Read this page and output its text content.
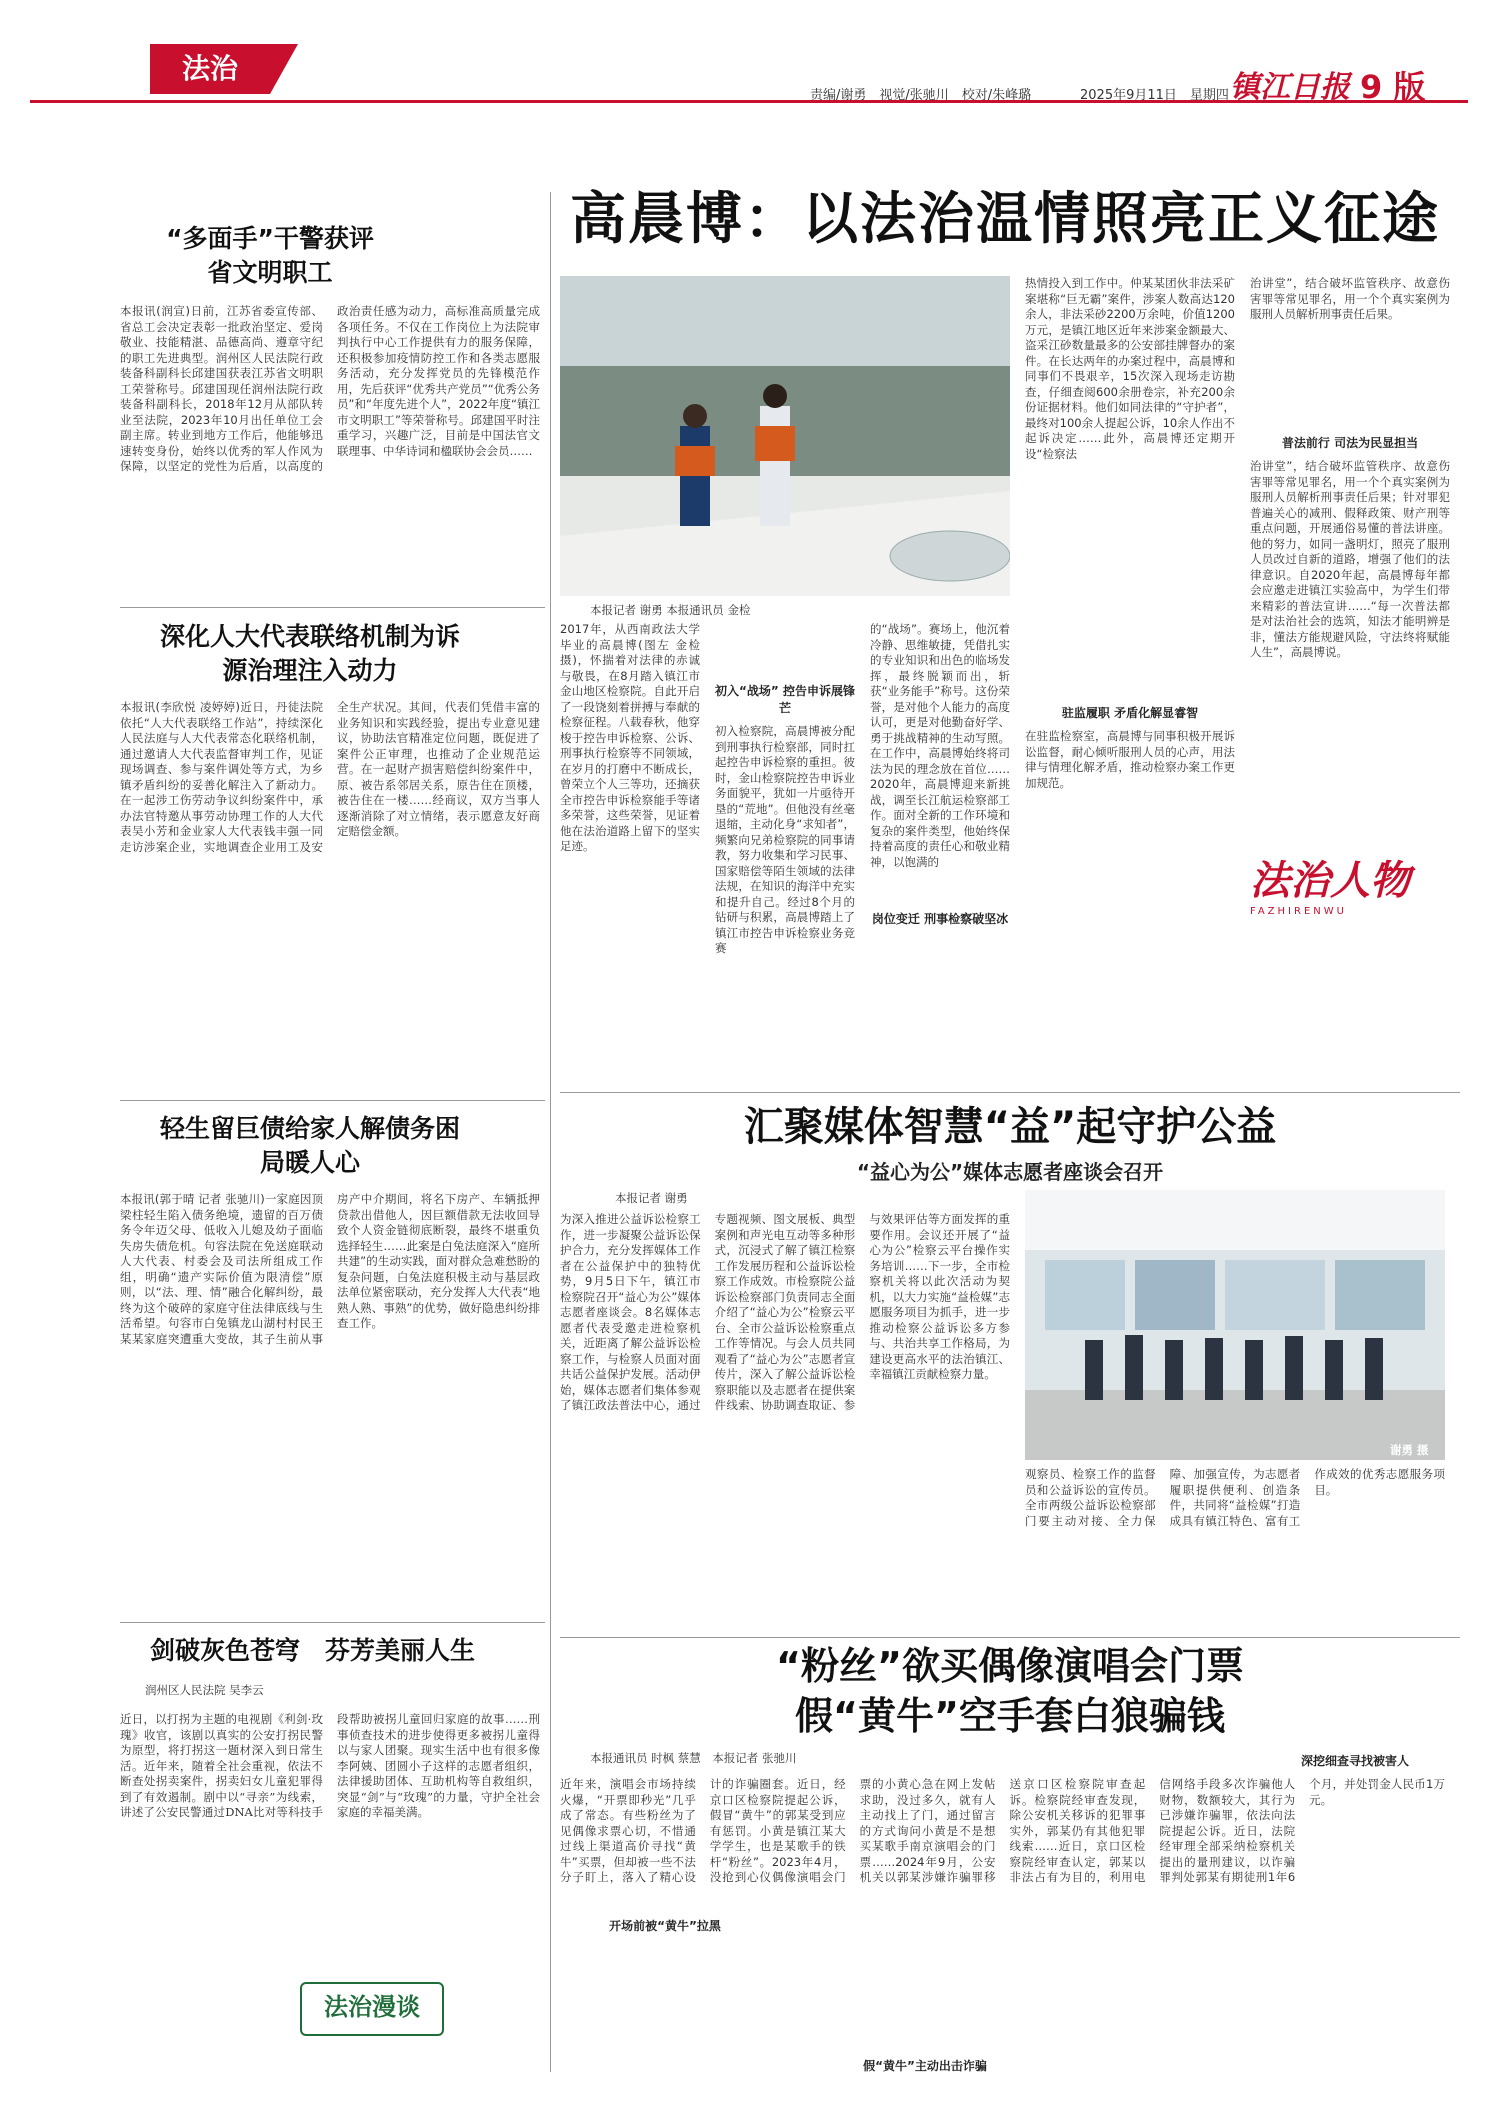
法治
责编/谢勇　视觉/张驰川　校对/朱峰璐	2025年9月11日　星期四 镇江日报 9 版
“多面手”干警获评省文明职工
本报讯(润宣)日前，江苏省委宣传部、省总工会决定表彰一批政治坚定、爱岗敬业、技能精湛、品德高尚、遵章守纪的职工先进典型。润州区人民法院行政装备科副科长邱建国获表江苏省文明职工荣誉称号。邱建国现任润州法院行政装备科副科长，2018年12月从部队转业至法院，2023年10月出任单位工会副主席。转业到地方工作后，他能够迅速转变身份，始终以优秀的军人作风为保障，以坚定的党性为后盾，以高度的政治责任感为动力，高标准高质量完成各项任务。不仅在工作岗位上为法院审判执行中心工作提供有力的服务保障，还积极参加疫情防控工作和各类志愿服务活动，充分发挥党员的先锋模范作用，先后获评“优秀共产党员”“优秀公务员”和“年度先进个人”，2022年度“镇江市文明职工”等荣誉称号。邱建国平时注重学习，兴趣广泛，目前是中国法官文联理事、中华诗词和楹联协会会员……
深化人大代表联络机制为诉源治理注入动力
本报讯(李欣悦 凌婷婷)近日，丹徒法院依托“人大代表联络工作站”，持续深化人民法庭与人大代表常态化联络机制，通过邀请人大代表监督审判工作，见证现场调查、参与案件调处等方式，为乡镇矛盾纠纷的妥善化解注入了新动力。在一起涉工伤劳动争议纠纷案件中，承办法官特邀从事劳动协理工作的人大代表吴小芳和金业家人大代表钱丰强一同走访涉案企业，实地调查企业用工及安全生产状况。其间，代表们凭借丰富的业务知识和实践经验，提出专业意见建议，协助法官精准定位问题，既促进了案件公正审理，也推动了企业规范运营。在一起财产损害赔偿纠纷案件中，原、被告系邻居关系，原告住在顶楼，被告住在一楼……经商议，双方当事人逐渐消除了对立情绪，表示愿意友好商定赔偿金额。
轻生留巨债给家人解债务困局暖人心
本报讯(郭于晴 记者 张驰川)一家庭因顶梁柱轻生陷入债务绝境，遗留的百万债务令年迈父母、低收入儿媳及幼子面临失房失债危机。句容法院在免送庭联动人大代表、村委会及司法所组成工作组，明确“遗产实际价值为限清偿”原则，以“法、理、情”融合化解纠纷，最终为这个破碎的家庭守住法律底线与生活希望。句容市白兔镇龙山湖村村民王某某家庭突遭重大变故，其子生前从事房产中介期间，将名下房产、车辆抵押贷款出借他人，因巨额借款无法收回导致个人资金链彻底断裂，最终不堪重负选择轻生……此案是白兔法庭深入“庭所共建”的生动实践，面对群众急难愁盼的复杂问题，白兔法庭积极主动与基层政法单位紧密联动，充分发挥人大代表“地熟人熟、事熟”的优势，做好隐患纠纷排查工作。
剑破灰色苍穹　芬芳美丽人生
润州区人民法院 吴李云
近日，以打拐为主题的电视剧《利剑·玫瑰》收官，该剧以真实的公安打拐民警为原型，将打拐这一题材深入到日常生活。近年来，随着全社会重视，依法不断查处拐卖案件，拐卖妇女儿童犯罪得到了有效遏制。剧中以“寻亲”为线索，讲述了公安民警通过DNA比对等科技手段帮助被拐儿童回归家庭的故事……刑事侦查技术的进步使得更多被拐儿童得以与家人团聚。现实生活中也有很多像李阿姨、团圆小子这样的志愿者组织，法律援助团体、互助机构等自救组织，突显“剑”与“玫瑰”的力量，守护全社会家庭的幸福美满。
法治漫谈
高晨博：以法治温情照亮正义征途
本报记者 谢勇 本报通讯员 金检
2017年，从西南政法大学毕业的高晨博(图左 金检 摄)，怀揣着对法律的赤诚与敬畏，在8月踏入镇江市金山地区检察院。自此开启了一段饶刻着拼搏与奉献的检察征程。八载春秋，他穿梭于控告申诉检察、公诉、刑事执行检察等不同领域，在岁月的打磨中不断成长，曾荣立个人三等功，还摘获全市控告申诉检察能手等诸多荣誉，这些荣誉，见证着他在法治道路上留下的坚实足迹。
初入“战场” 控告申诉展锋芒
初入检察院，高晨博被分配到刑事执行检察部，同时扛起控告申诉检察的重担。彼时，金山检察院控告申诉业务面貌平，犹如一片亟待开垦的“荒地”。但他没有丝毫退缩，主动化身“求知者”，频繁向兄弟检察院的同事请教，努力收集和学习民事、国家赔偿等陌生领域的法律法规，在知识的海洋中充实和提升自己。经过8个月的钻研与积累，高晨博踏上了镇江市控告申诉检察业务竞赛
的“战场”。赛场上，他沉着冷静、思维敏捷，凭借扎实的专业知识和出色的临场发挥，最终脱颖而出，斩获“业务能手”称号。这份荣誉，是对他个人能力的高度认可，更是对他勤奋好学、勇于挑战精神的生动写照。在工作中，高晨博始终将司法为民的理念放在首位……2020年，高晨博迎来新挑战，调至长江航运检察部工作。面对全新的工作环境和复杂的案件类型，他始终保持着高度的责任心和敬业精神，以饱满的
岗位变迁 刑事检察破坚冰
热情投入到工作中。仲某某团伙非法采矿案堪称“巨无霸”案件，涉案人数高达120余人，非法采砂2200万余吨，价值1200万元，是镇江地区近年来涉案金额最大、盗采江砂数量最多的公安部挂牌督办的案件。在长达两年的办案过程中，高晨博和同事们不畏艰辛，15次深入现场走访勘查，仔细查阅600余册卷宗，补充200余份证据材料。他们如同法律的“守护者”，最终对100余人提起公诉，10余人作出不起诉决定……此外，高晨博还定期开设“检察法
驻监履职 矛盾化解显睿智
在驻监检察室，高晨博与同事积极开展诉讼监督，耐心倾听服刑人员的心声，用法律与情理化解矛盾，推动检察办案工作更加规范。
治讲堂”，结合破坏监管秩序、故意伤害罪等常见罪名，用一个个真实案例为服刑人员解析刑事责任后果。
普法前行 司法为民显担当
治讲堂”，结合破坏监管秩序、故意伤害罪等常见罪名，用一个个真实案例为服刑人员解析刑事责任后果；针对罪犯普遍关心的减刑、假释政策、财产刑等重点问题，开展通俗易懂的普法讲座。他的努力，如同一盏明灯，照亮了服刑人员改过自新的道路，增强了他们的法律意识。自2020年起，高晨博每年都会应邀走进镇江实验高中，为学生们带来精彩的普法宣讲……“每一次普法都是对法治社会的选筑，知法才能明辨是非，懂法方能规避风险，守法终将赋能人生”，高晨博说。
法治人物
FAZHIRENWU
汇聚媒体智慧“益”起守护公益
“益心为公”媒体志愿者座谈会召开
本报记者 谢勇
为深入推进公益诉讼检察工作，进一步凝聚公益诉讼保护合力，充分发挥媒体工作者在公益保护中的独特优势，9月5日下午，镇江市检察院召开“益心为公”媒体志愿者座谈会。8名媒体志愿者代表受邀走进检察机关，近距离了解公益诉讼检察工作，与检察人员面对面共话公益保护发展。活动伊始，媒体志愿者们集体参观了镇江政法普法中心，通过专题视频、图文展板、典型案例和声光电互动等多种形式，沉浸式了解了镇江检察工作发展历程和公益诉讼检察工作成效。市检察院公益诉讼检察部门负责同志全面介绍了“益心为公”检察云平台、全市公益诉讼检察重点工作等情况。与会人员共同观看了“益心为公”志愿者宣传片，深入了解公益诉讼检察职能以及志愿者在提供案件线索、协助调查取证、参与效果评估等方面发挥的重要作用。会议还开展了“益心为公”检察云平台操作实务培训……下一步，全市检察机关将以此次活动为契机，以大力实施“益检媒”志愿服务项目为抓手，进一步推动检察公益诉讼多方参与、共治共享工作格局，为建设更高水平的法治镇江、幸福镇江贡献检察力量。
谢勇 摄
观察员、检察工作的监督员和公益诉讼的宣传员。全市两级公益诉讼检察部门要主动对接、全力保障、加强宣传，为志愿者履职提供便利、创造条件，共同将“益检媒”打造成具有镇江特色、富有工作成效的优秀志愿服务项目。
“粉丝”欲买偶像演唱会门票
假“黄牛”空手套白狼骗钱
本报通讯员 时枫 蔡慧　本报记者 张驰川
开场前被“黄牛”拉黑
假“黄牛”主动出击诈骗
深挖细查寻找被害人
近年来，演唱会市场持续火爆，“开票即秒光”几乎成了常态。有些粉丝为了见偶像求票心切，不惜通过线上渠道高价寻找“黄牛”买票，但却被一些不法分子盯上，落入了精心设计的诈骗圈套。近日，经京口区检察院提起公诉，假冒“黄牛”的郭某受到应有惩罚。小黄是镇江某大学学生，也是某歌手的铁杆“粉丝”。2023年4月，没抢到心仪偶像演唱会门票的小黄心急在网上发帖求助，没过多久，就有人主动找上了门，通过留言的方式询问小黄是不是想买某歌手南京演唱会的门票……2024年9月，公安机关以郭某涉嫌诈骗罪移送京口区检察院审查起诉。检察院经审查发现，除公安机关移诉的犯罪事实外，郭某仍有其他犯罪线索……近日，京口区检察院经审查认定，郭某以非法占有为目的，利用电信网络手段多次诈骗他人财物，数额较大，其行为已涉嫌诈骗罪，依法向法院提起公诉。近日，法院经审理全部采纳检察机关提出的量刑建议，以诈骗罪判处郭某有期徒刑1年6个月，并处罚金人民币1万元。
